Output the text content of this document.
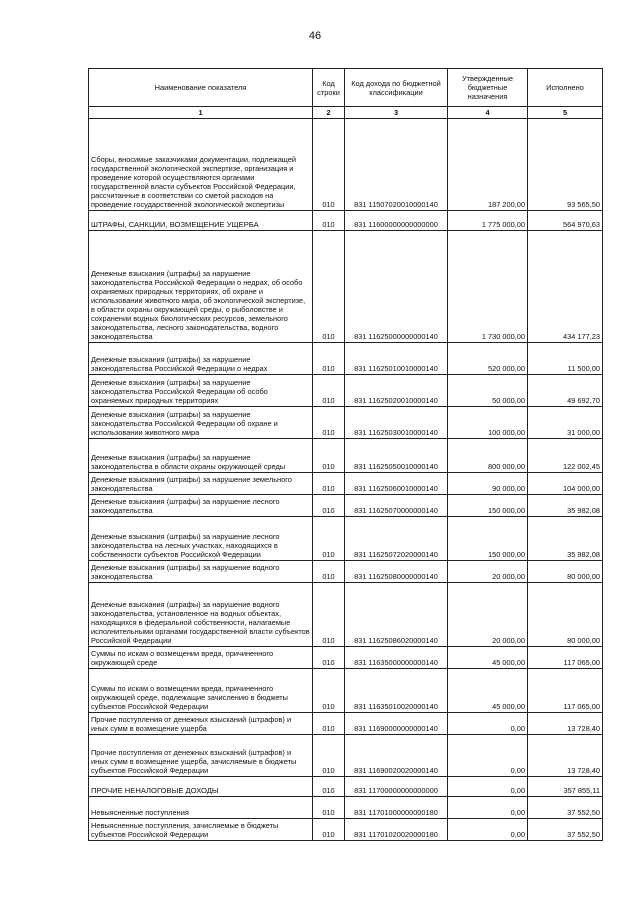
46
Наименование показателя	Код строки	Код дохода по бюджетной классификации	Утвержденные бюджетные назначения	Исполнено
1	2	3	4	5
Сборы, вносимые заказчиками документации, подлежащей государственной экологической экспертизе, организация и проведение которой осуществляются органами государственной власти субъектов Российской Федерации, рассчитанные в соответствии со сметой расходов на проведение государственной экологической экспертизы	010	831 11507020010000140	187 200,00	93 565,50
ШТРАФЫ, САНКЦИИ, ВОЗМЕЩЕНИЕ УЩЕРБА	010	831 11600000000000000	1 775 000,00	564 970,63
Денежные взыскания (штрафы) за нарушение законодательства Российской Федерации о недрах, об особо охраняемых природных территориях, об охране и использовании животного мира, об экологической экспертизе, в области охраны окружающей среды, о рыболовстве и сохранении водных биологических ресурсов, земельного законодательства, лесного законодательства, водного законодательства	010	831 11625000000000140	1 730 000,00	434 177,23
Денежные взыскания (штрафы) за нарушение законодательства Российской Федерации о недрах	010	831 11625010010000140	520 000,00	11 500,00
Денежные взыскания (штрафы) за нарушение законодательства Российской Федерации об особо охраняемых природных территориях	010	831 11625020010000140	50 000,00	49 692,70
Денежные взыскания (штрафы) за нарушение законодательства Российской Федерации об охране и использовании животного мира	010	831 11625030010000140	100 000,00	31 000,00
Денежные взыскания (штрафы) за нарушение законодательства в области охраны окружающей среды	010	831 11625050010000140	800 000,00	122 002,45
Денежные взыскания (штрафы) за нарушение земельного законодательства	010	831 11625060010000140	90 000,00	104 000,00
Денежные взыскания (штрафы) за нарушение лесного законодательства	010	831 11625070000000140	150 000,00	35 982,08
Денежные взыскания (штрафы) за нарушение лесного законодательства на лесных участках, находящихся в собственности субъектов Российской Федерации	010	831 11625072020000140	150 000,00	35 982,08
Денежные взыскания (штрафы) за нарушение водного законодательства	010	831 11625080000000140	20 000,00	80 000,00
Денежные взыскания (штрафы) за нарушение водного законодательства, установленное на водных объектах, находящихся в федеральной собственности, налагаемые исполнительными органами государственной власти субъектов Российской Федерации	010	831 11625086020000140	20 000,00	80 000,00
Суммы по искам о возмещении вреда, причиненного окружающей среде	010	831 11635000000000140	45 000,00	117 065,00
Суммы по искам о возмещении вреда, причиненного окружающей среде, подлежащие зачислению в бюджеты субъектов Российской Федерации	010	831 11635010020000140	45 000,00	117 065,00
Прочие поступления от денежных взысканий (штрафов) и иных сумм в возмещение ущерба	010	831 11690000000000140	0,00	13 728,40
Прочие поступления от денежных взысканий (штрафов) и иных сумм в возмещение ущерба, зачисляемые в бюджеты субъектов Российской Федерации	010	831 11690020020000140	0,00	13 728,40
ПРОЧИЕ НЕНАЛОГОВЫЕ ДОХОДЫ	010	831 11700000000000000	0,00	357 855,11
Невыясненные поступления	010	831 11701000000000180	0,00	37 552,50
Невыясненные поступления, зачисляемые в бюджеты субъектов Российской Федерации	010	831 11701020020000180	0,00	37 552,50
